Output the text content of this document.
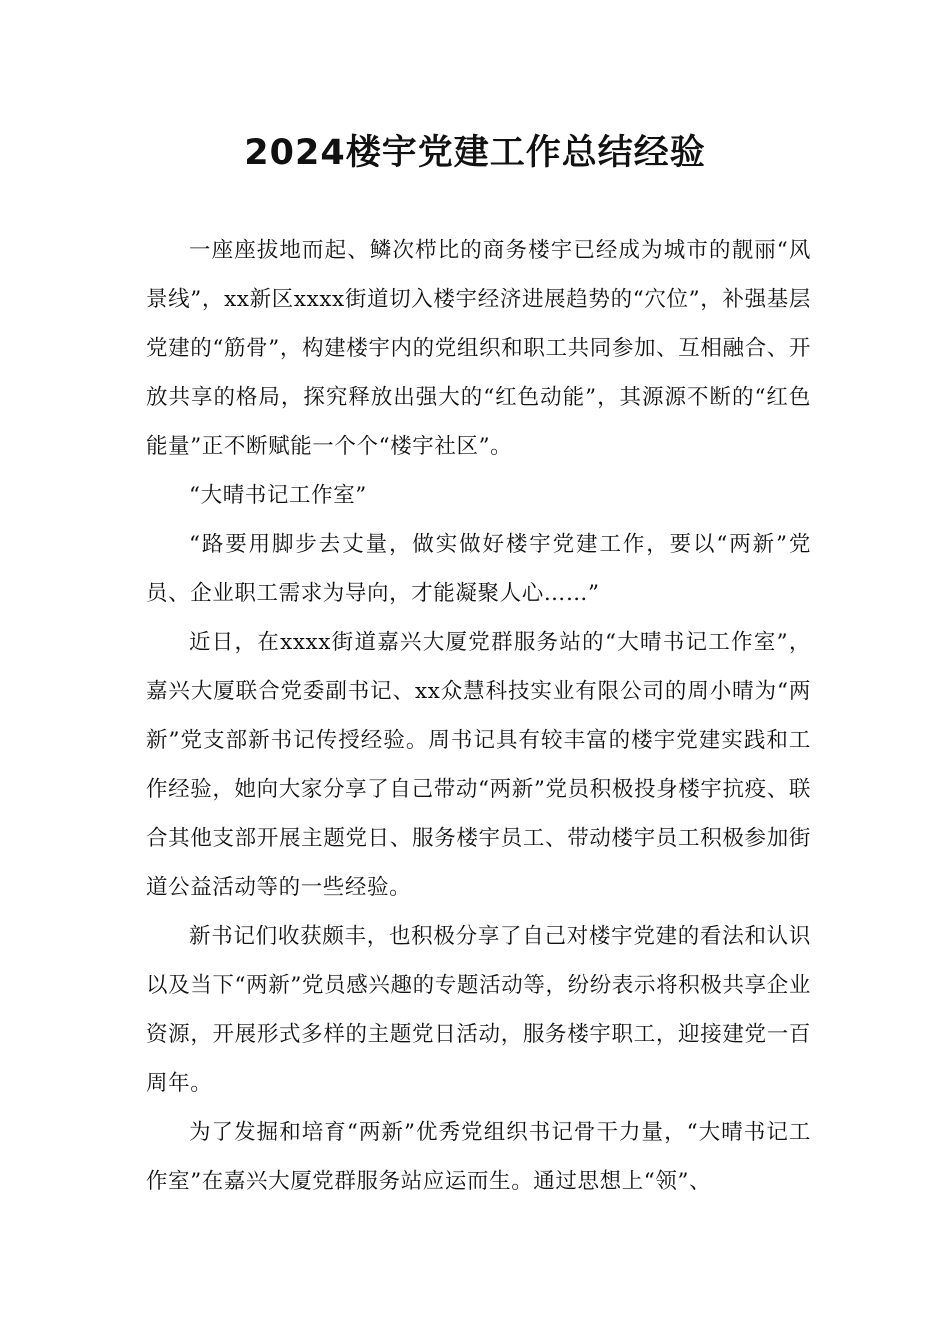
2024楼宇党建工作总结经验

一座座拔地而起、鳞次栉比的商务楼宇已经成为城市的靓丽“风景线”，xx新区xxxx街道切入楼宇经济进展趋势的“穴位”，补强基层党建的“筋骨”，构建楼宇内的党组织和职工共同参加、互相融合、开放共享的格局，探究释放出强大的“红色动能”，其源源不断的“红色能量”正不断赋能一个个“楼宇社区”。

“大晴书记工作室”

“路要用脚步去丈量，做实做好楼宇党建工作，要以“两新”党员、企业职工需求为导向，才能凝聚人心……”

近日，在xxxx街道嘉兴大厦党群服务站的“大晴书记工作室”，嘉兴大厦联合党委副书记、xx众慧科技实业有限公司的周小晴为“两新”党支部新书记传授经验。周书记具有较丰富的楼宇党建实践和工作经验，她向大家分享了自己带动“两新”党员积极投身楼宇抗疫、联合其他支部开展主题党日、服务楼宇员工、带动楼宇员工积极参加街道公益活动等的一些经验。

新书记们收获颇丰，也积极分享了自己对楼宇党建的看法和认识以及当下“两新”党员感兴趣的专题活动等，纷纷表示将积极共享企业资源，开展形式多样的主题党日活动，服务楼宇职工，迎接建党一百周年。

为了发掘和培育“两新”优秀党组织书记骨干力量，“大晴书记工作室”在嘉兴大厦党群服务站应运而生。通过思想上“领”、
